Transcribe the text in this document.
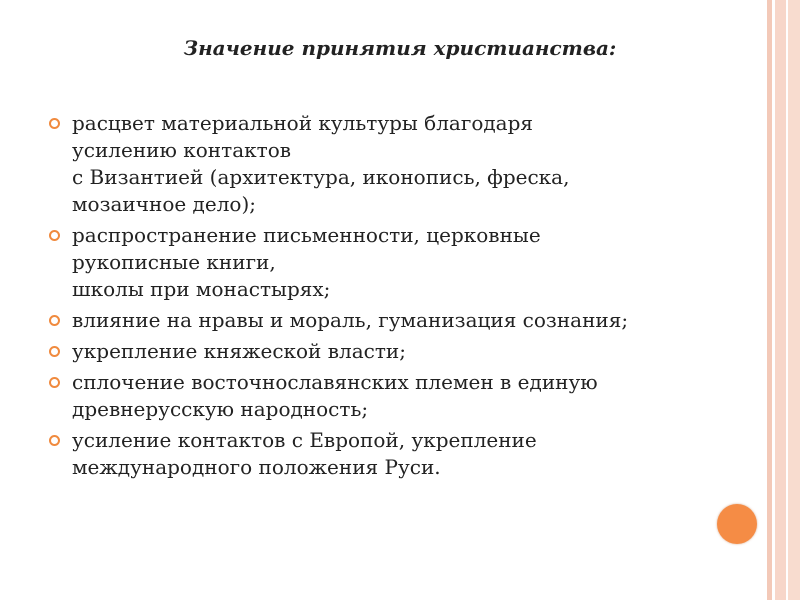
Значение принятия христианства:
расцвет материальной культуры благодаря
усилению контактов
с Византией (архитектура, иконопись, фреска,
мозаичное дело);
распространение письменности, церковные
рукописные книги,
школы при монастырях;
влияние на нравы и мораль, гуманизация сознания;
укрепление княжеской власти;
сплочение восточнославянских племен в единую
древнерусскую народность;
усиление контактов с Европой, укрепление
международного положения Руси.
